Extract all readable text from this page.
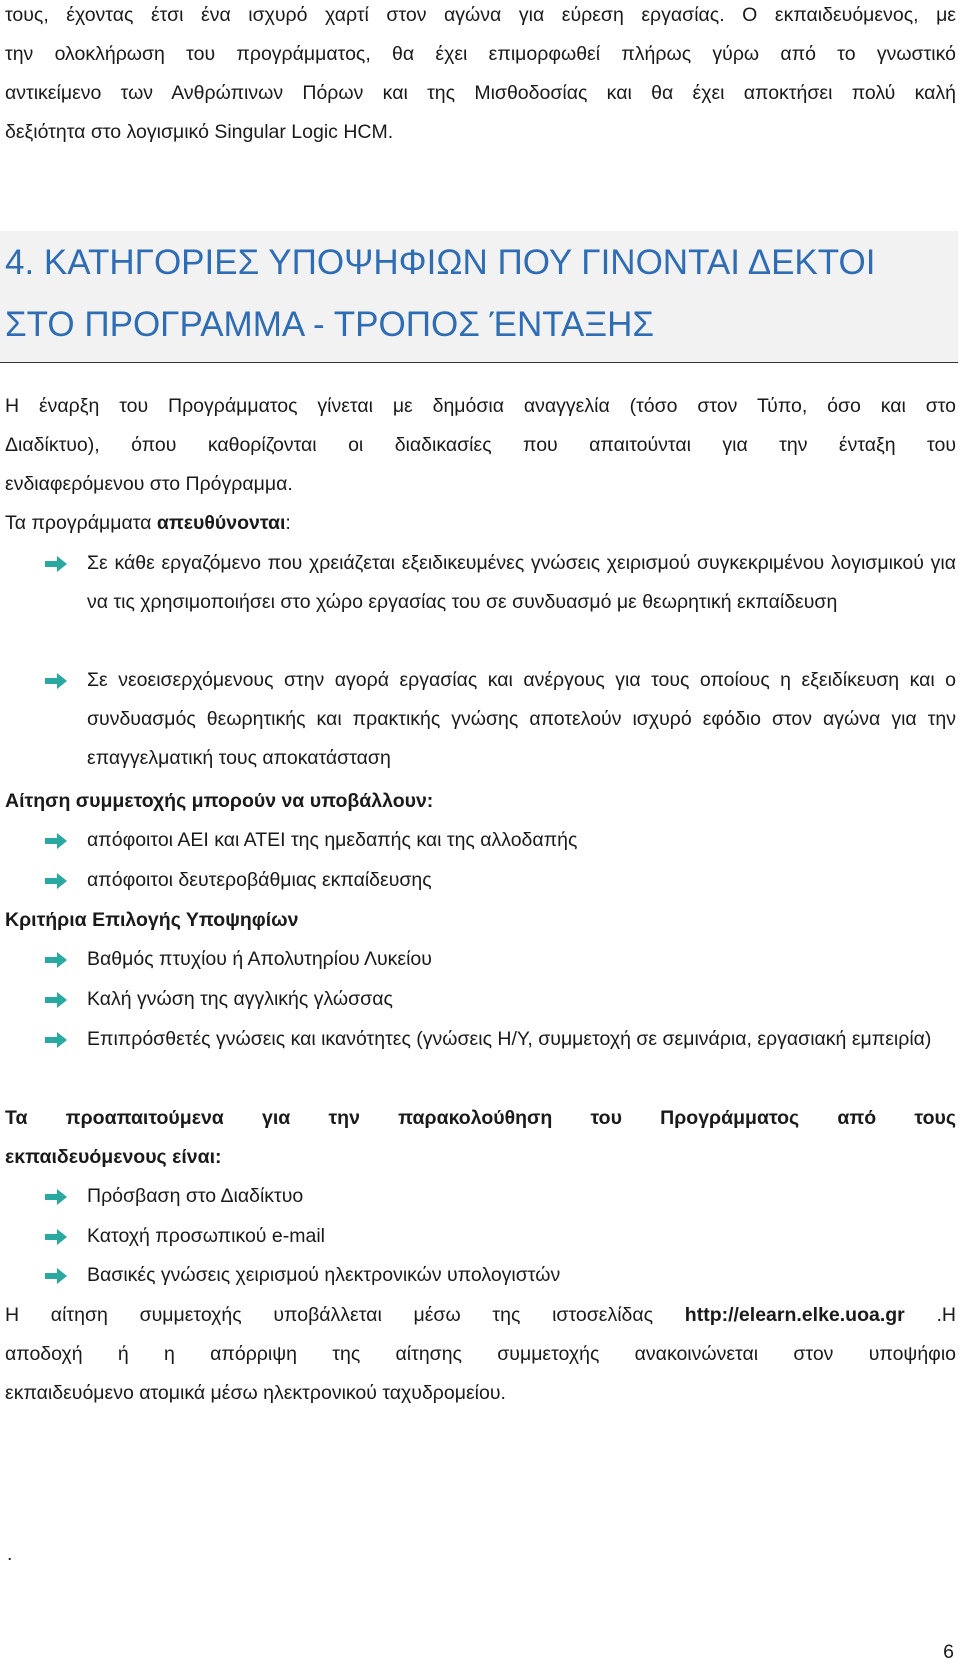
τους, έχοντας έτσι ένα ισχυρό χαρτί στον αγώνα για εύρεση εργασίας. Ο εκπαιδευόμενος, με

την ολοκλήρωση του προγράμματος, θα έχει επιμορφωθεί πλήρως γύρω από το γνωστικό

αντικείμενο των Ανθρώπινων Πόρων και της Μισθοδοσίας και θα έχει αποκτήσει πολύ καλή

δεξιότητα στο λογισμικό Singular Logic HCM.

4. ΚΑΤΗΓΟΡΙΕΣ ΥΠΟΨΗΦΙΩΝ ΠΟΥ ΓΙΝΟΝΤΑΙ ΔΕΚΤΟΙ
ΣΤΟ ΠΡΟΓΡΑΜΜΑ - ΤΡΟΠΟΣ ΈΝΤΑΞΗΣ

Η έναρξη του Προγράμματος γίνεται με δημόσια αναγγελία (τόσο στον Τύπο, όσο και στο

Διαδίκτυο), όπου καθορίζονται οι διαδικασίες που απαιτούνται για την ένταξη του

ενδιαφερόμενου στο Πρόγραμμα.

Τα προγράμματα απευθύνονται:

Σε κάθε εργαζόμενο που χρειάζεται εξειδικευμένες γνώσεις χειρισμού συγκεκριμένου λογισμικού για να τις χρησιμοποιήσει στο χώρο εργασίας του σε συνδυασμό με θεωρητική εκπαίδευση

Σε νεοεισερχόμενους στην αγορά εργασίας και ανέργους για τους οποίους η εξειδίκευση και ο συνδυασμός θεωρητικής και πρακτικής γνώσης αποτελούν ισχυρό εφόδιο στον αγώνα για την επαγγελματική τους αποκατάσταση

Αίτηση συμμετοχής μπορούν να υποβάλλουν:

απόφοιτοι ΑΕΙ και ΑΤΕΙ της ημεδαπής και της αλλοδαπής

απόφοιτοι δευτεροβάθμιας εκπαίδευσης

Κριτήρια Επιλογής Υποψηφίων

Βαθμός πτυχίου ή Απολυτηρίου Λυκείου

Καλή γνώση της αγγλικής γλώσσας

Επιπρόσθετές γνώσεις και ικανότητες (γνώσεις Η/Υ, συμμετοχή σε σεμινάρια, εργασιακή εμπειρία)

Τα προαπαιτούμενα για την παρακολούθηση του Προγράμματος από τους

εκπαιδευόμενους είναι:

Πρόσβαση στο Διαδίκτυο

Κατοχή προσωπικού e-mail

Βασικές γνώσεις χειρισμού ηλεκτρονικών υπολογιστών

Η αίτηση συμμετοχής υποβάλλεται μέσω της ιστοσελίδας http://elearn.elke.uoa.gr .Η

αποδοχή ή η απόρριψη της αίτησης συμμετοχής ανακοινώνεται στον υποψήφιο

εκπαιδευόμενο ατομικά μέσω ηλεκτρονικού ταχυδρομείου.

.
6
